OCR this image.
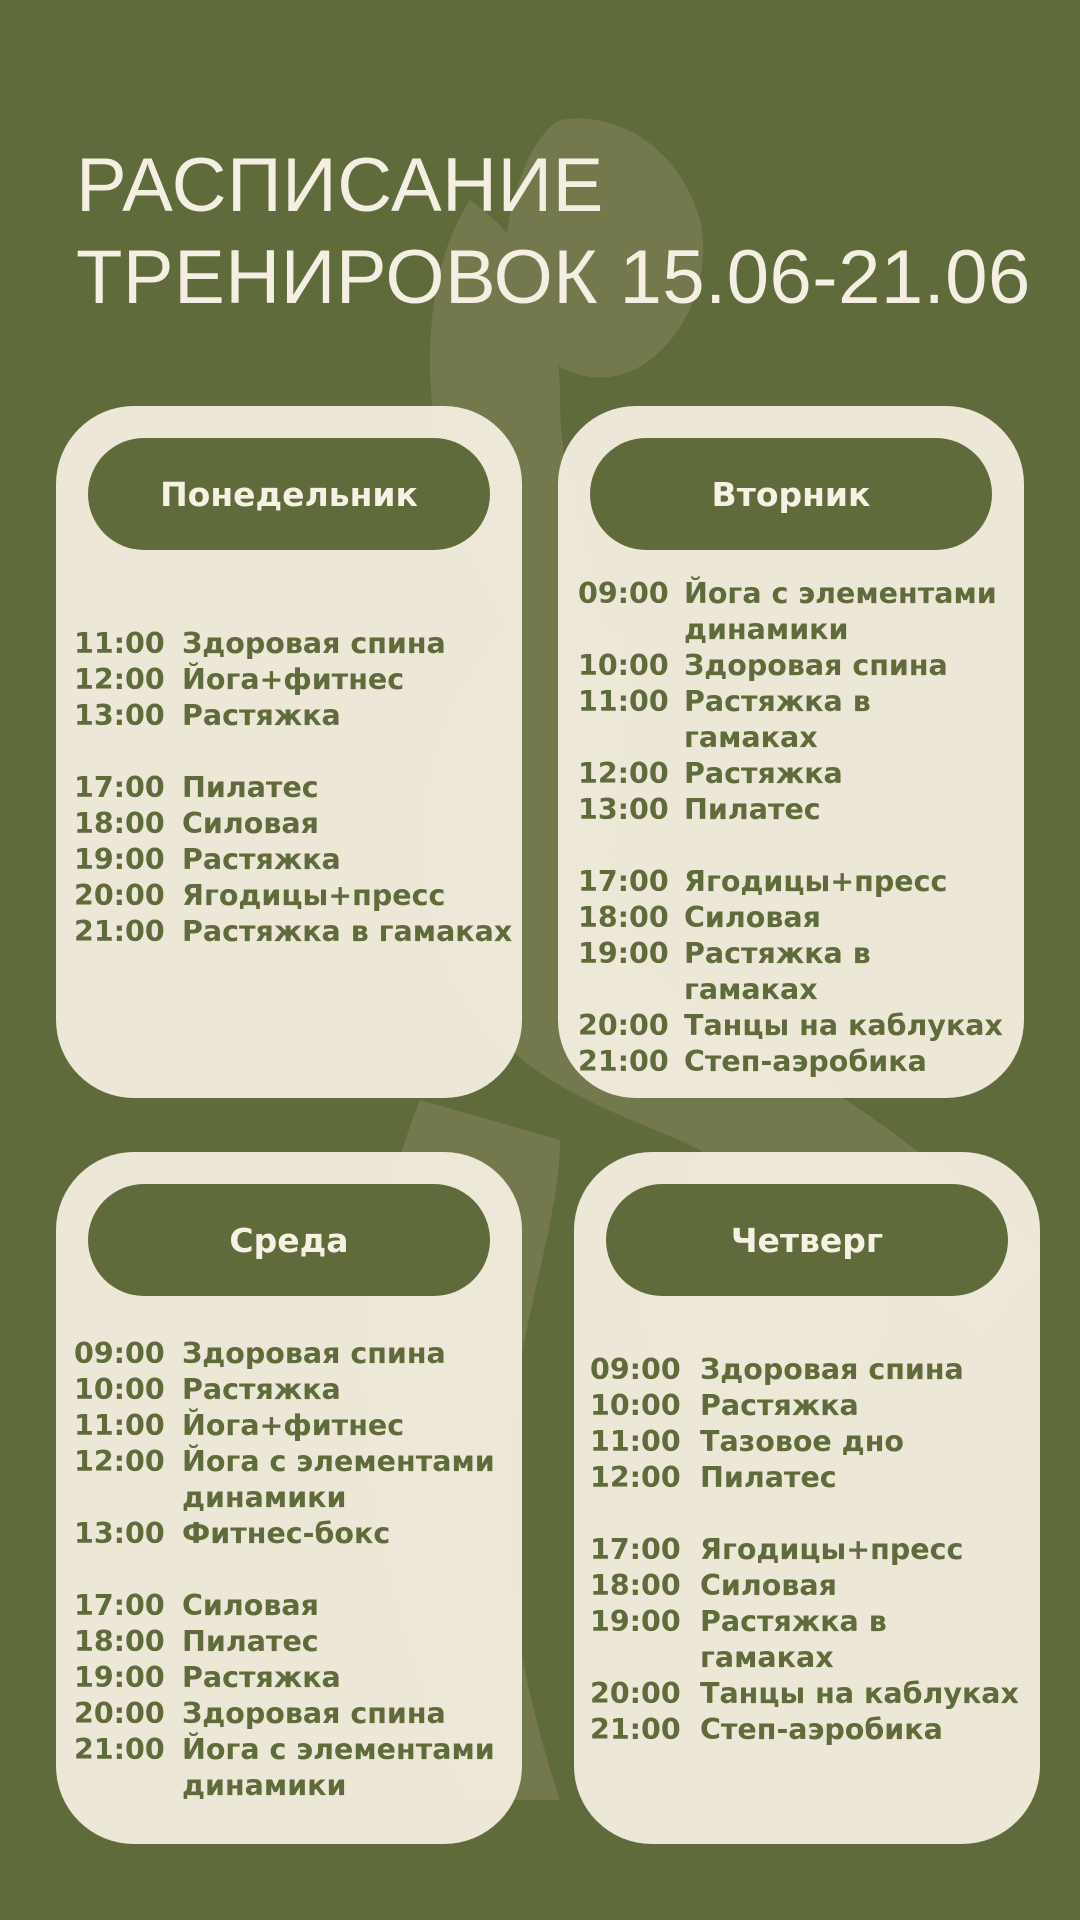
РАСПИСАНИЕ
ТРЕНИРОВОК 15.06-21.06
Понедельник
11:00 Здоровая спина
12:00 Йога+фитнес
13:00 Растяжка
17:00 Пилатес
18:00 Силовая
19:00 Растяжка
20:00 Ягодицы+пресс
21:00 Растяжка в гамаках
Вторник
09:00 Йога с элементами динамики
10:00 Здоровая спина
11:00 Растяжка в гамаках
12:00 Растяжка
13:00 Пилатес
17:00 Ягодицы+пресс
18:00 Силовая
19:00 Растяжка в гамаках
20:00 Танцы на каблуках
21:00 Степ-аэробика
Среда
09:00 Здоровая спина
10:00 Растяжка
11:00 Йога+фитнес
12:00 Йога с элементами динамики
13:00 Фитнес-бокс
17:00 Силовая
18:00 Пилатес
19:00 Растяжка
20:00 Здоровая спина
21:00 Йога с элементами динамики
Четверг
09:00 Здоровая спина
10:00 Растяжка
11:00 Тазовое дно
12:00 Пилатес
17:00 Ягодицы+пресс
18:00 Силовая
19:00 Растяжка в гамаках
20:00 Танцы на каблуках
21:00 Степ-аэробика
